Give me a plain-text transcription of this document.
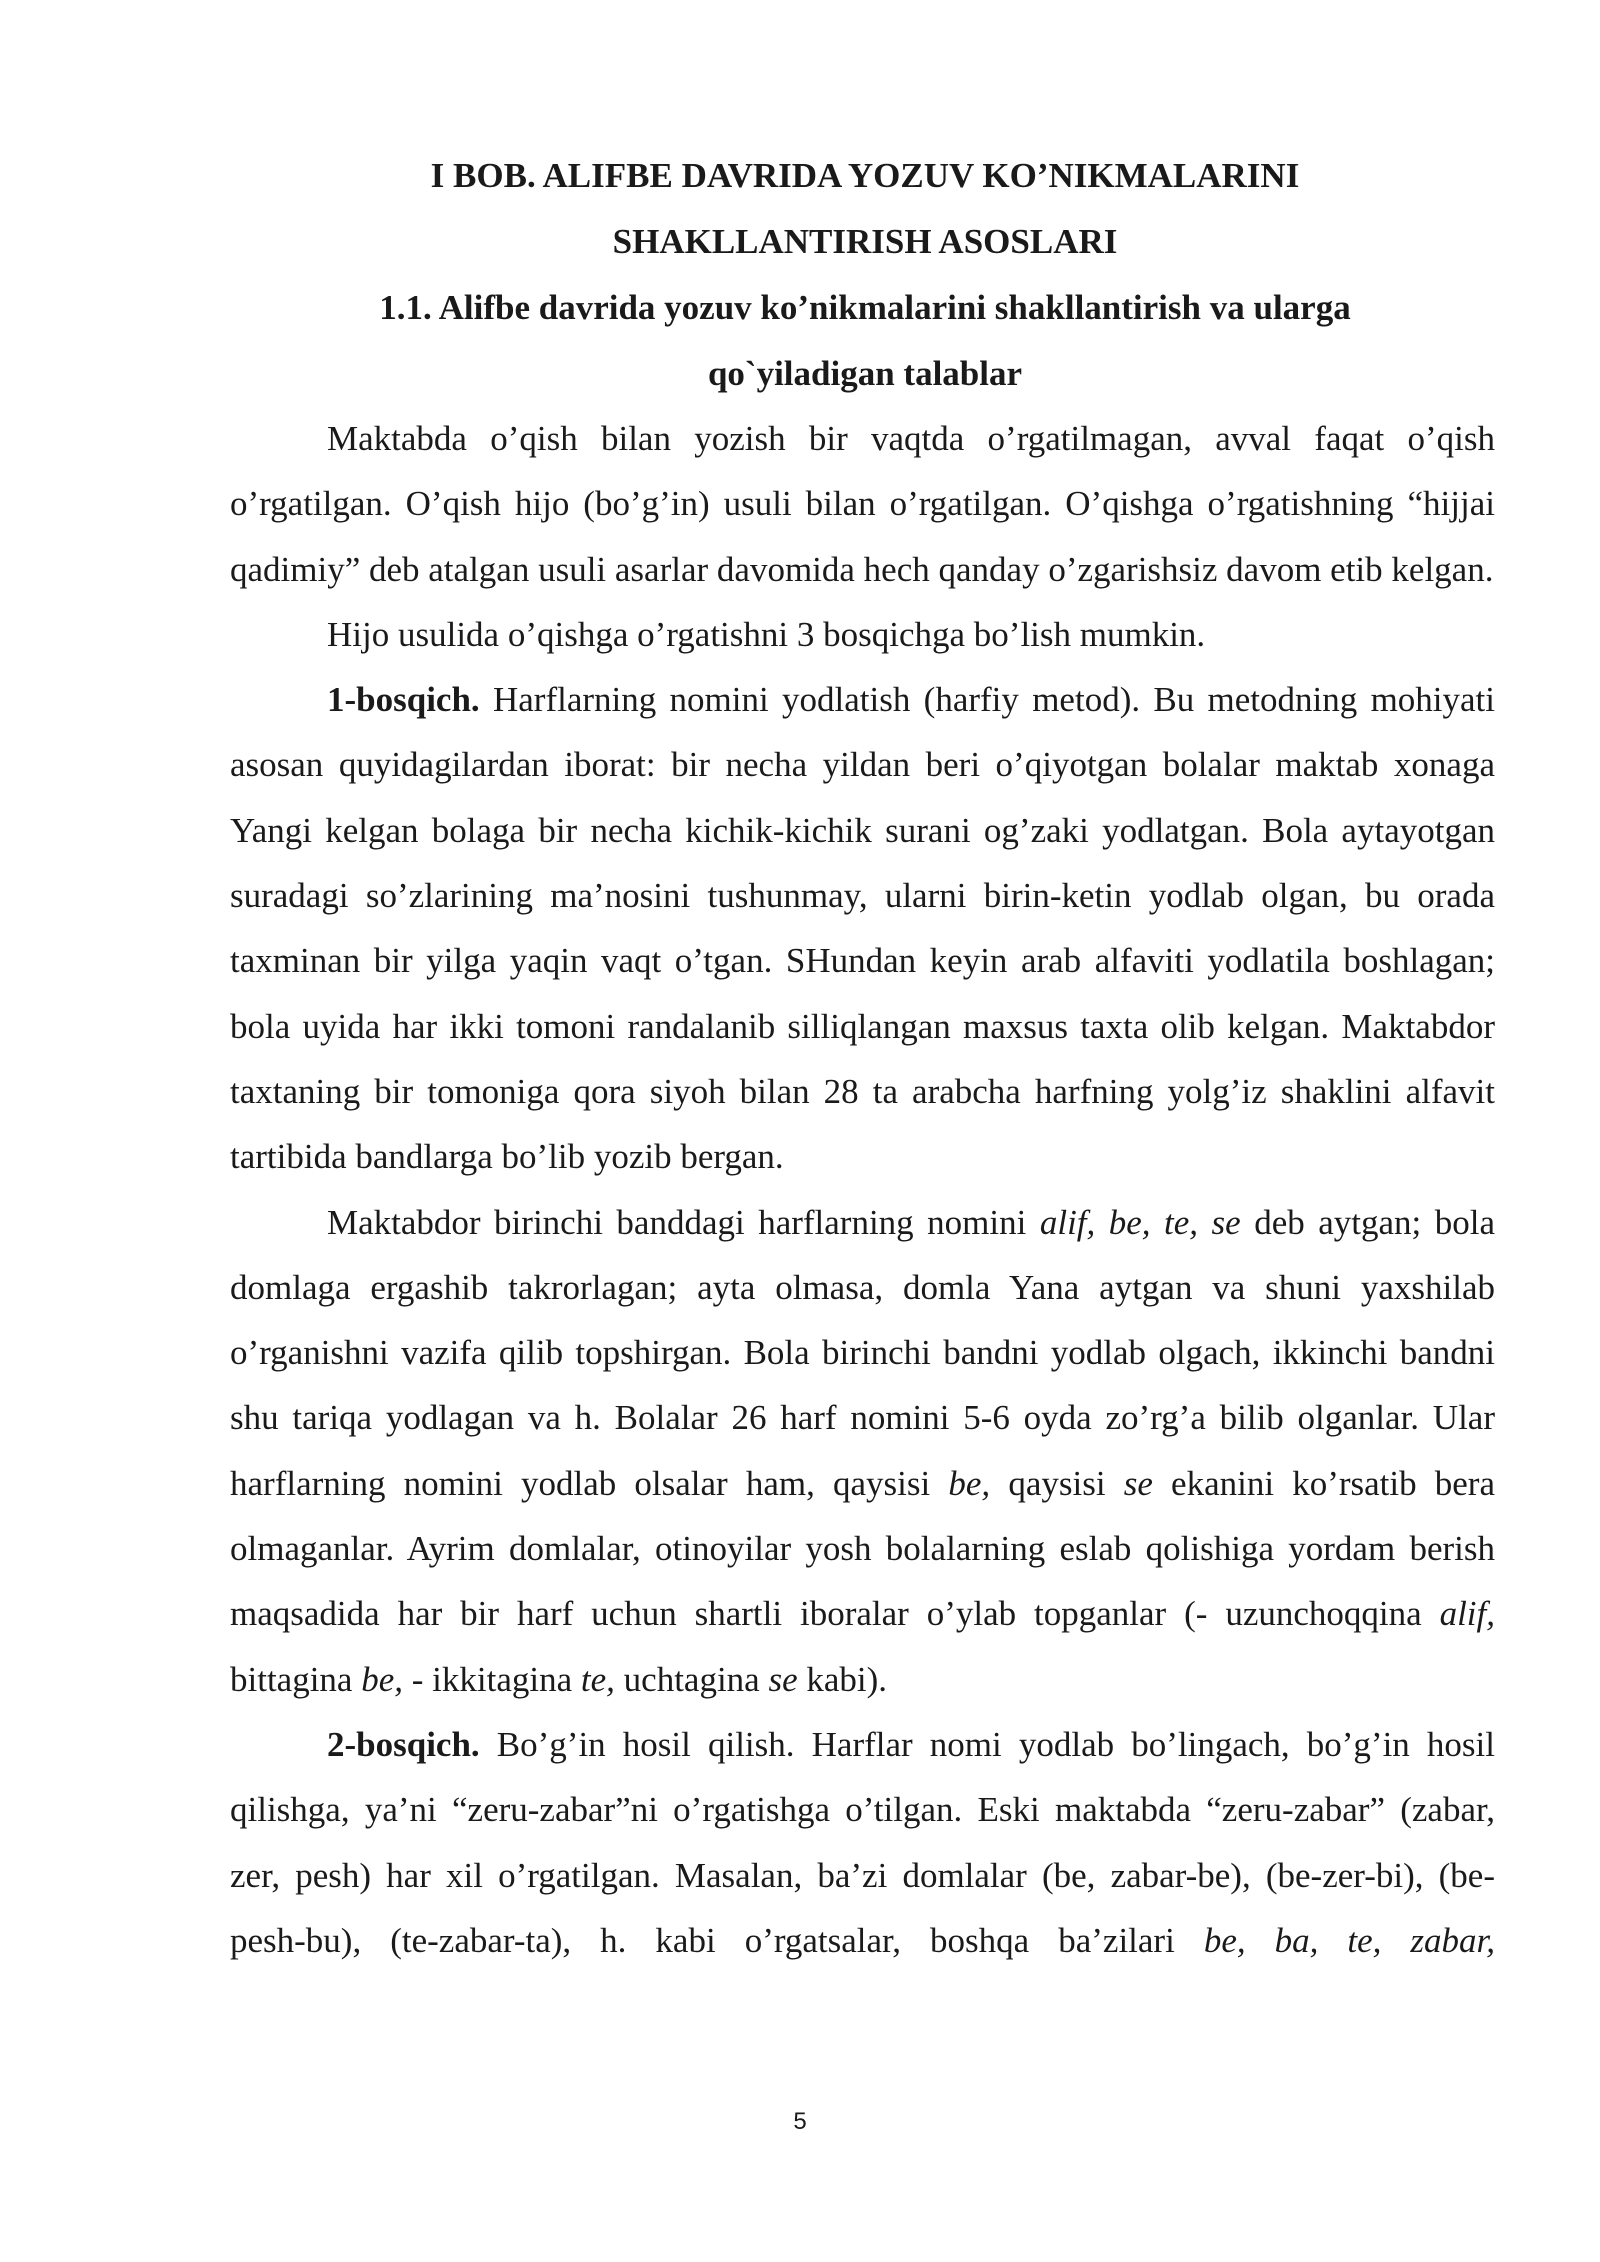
I BOB. ALIFBE DAVRIDA YOZUV KO’NIKMALARINI
SHAKLLANTIRISH ASOSLARI
1.1. Alifbe davrida yozuv ko’nikmalarini shakllantirish va ularga
qo`yiladigan talablar

Maktabda o’qish bilan yozish bir vaqtda o’rgatilmagan, avval faqat o’qish o’rgatilgan. O’qish hijo (bo’g’in) usuli bilan o’rgatilgan. O’qishga o’rgatishning “hijjai qadimiy” deb atalgan usuli asarlar davomida hech qanday o’zgarishsiz davom etib kelgan.

Hijo usulida o’qishga o’rgatishni 3 bosqichga bo’lish mumkin.

1-bosqich. Harflarning nomini yodlatish (harfiy metod). Bu metodning mohiyati asosan quyidagilardan iborat: bir necha yildan beri o’qiyotgan bolalar maktab xonaga Yangi kelgan bolaga bir necha kichik-kichik surani og’zaki yodlatgan. Bola aytayotgan suradagi so’zlarining ma’nosini tushunmay, ularni birin-ketin yodlab olgan, bu orada taxminan bir yilga yaqin vaqt o’tgan. SHundan keyin arab alfaviti yodlatila boshlagan; bola uyida har ikki tomoni randalanib silliqlangan maxsus taxta olib kelgan. Maktabdor taxtaning bir tomoniga qora siyoh bilan 28 ta arabcha harfning yolg’iz shaklini alfavit tartibida bandlarga bo’lib yozib bergan.

Maktabdor birinchi banddagi harflarning nomini alif, be, te, se deb aytgan; bola domlaga ergashib takrorlagan; ayta olmasa, domla Yana aytgan va shuni yaxshilab o’rganishni vazifa qilib topshirgan. Bola birinchi bandni yodlab olgach, ikkinchi bandni shu tariqa yodlagan va h. Bolalar 26 harf nomini 5-6 oyda zo’rg’a bilib olganlar. Ular harflarning nomini yodlab olsalar ham, qaysisi be, qaysisi se ekanini ko’rsatib bera olmaganlar. Ayrim domlalar, otinoyilar yosh bolalarning eslab qolishiga yordam berish maqsadida har bir harf uchun shartli iboralar o’ylab topganlar (- uzunchoqqina alif, bittagina be, - ikkitagina te, uchtagina se kabi).

2-bosqich. Bo’g’in hosil qilish. Harflar nomi yodlab bo’lingach, bo’g’in hosil qilishga, ya’ni “zeru-zabar”ni o’rgatishga o’tilgan. Eski maktabda “zeru-zabar” (zabar, zer, pesh) har xil o’rgatilgan. Masalan, ba’zi domlalar (be, zabar-be), (be-zer-bi), (be-pesh-bu), (te-zabar-ta), h. kabi o’rgatsalar, boshqa ba’zilari be, ba, te, zabar,

5
